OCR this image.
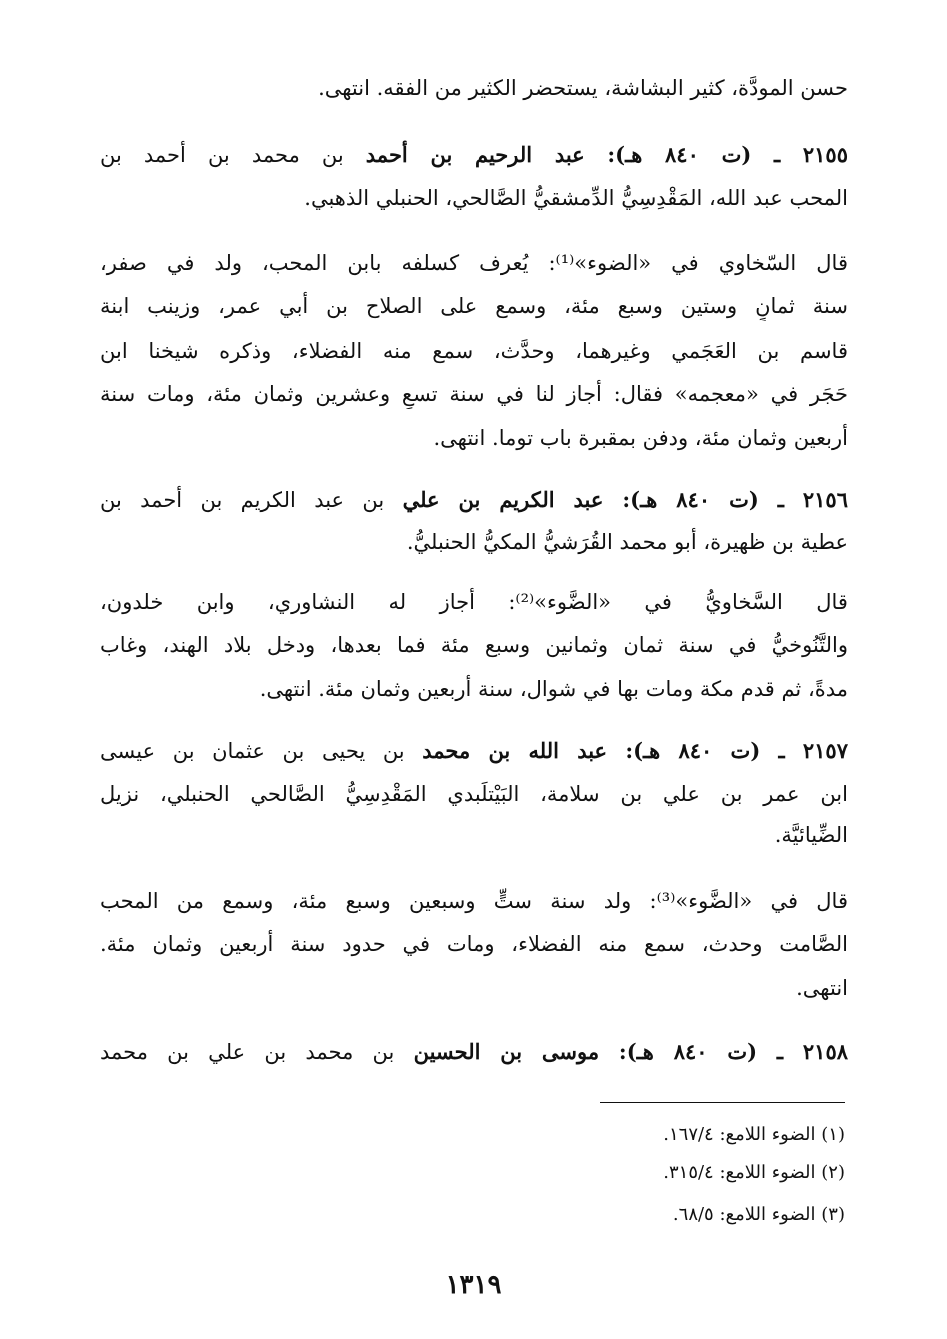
حسن المودَّة، كثير البشاشة، يستحضر الكثير من الفقه. انتهى.
٢١٥٥ ـ (ت ٨٤٠ هـ): عبد الرحيم بن أحمد بن محمد بن أحمد بن
المحب عبد الله، المَقْدِسِيُّ الدِّمشقيُّ الصَّالحي، الحنبلي الذهبي.
قال السّخاوي في «الضوء»⁽¹⁾: يُعرف كسلفه بابن المحب، ولد في صفر،
سنة ثمانٍ وستين وسبع مئة، وسمع على الصلاح بن أبي عمر، وزينب ابنة
قاسم بن العَجَمي وغيرهما، وحدَّث، سمع منه الفضلاء، وذكره شيخنا ابن
حَجَر في «معجمه» فقال: أجاز لنا في سنة تسعٍ وعشرين وثمان مئة، ومات سنة
أربعين وثمان مئة، ودفن بمقبرة باب توما. انتهى.
٢١٥٦ ـ (ت ٨٤٠ هـ): عبد الكريم بن علي بن عبد الكريم بن أحمد بن
عطية بن ظهيرة، أبو محمد القُرَشيُّ المكيُّ الحنبليُّ.
قال السَّخاويُّ في «الضَّوء»⁽²⁾: أجاز له النشاوري، وابن خلدون،
والتَّنُوخيُّ في سنة ثمان وثمانين وسبع مئة فما بعدها، ودخل بلاد الهند، وغاب
مدةً، ثم قدم مكة ومات بها في شوال، سنة أربعين وثمان مئة. انتهى.
٢١٥٧ ـ (ت ٨٤٠ هـ): عبد الله بن محمد بن يحيى بن عثمان بن عيسى
ابن عمر بن علي بن سلامة، البَيْتلَبدي المَقْدِسِيُّ الصَّالحي الحنبلي، نزيل
الضِّيائيَّة.
قال في «الضَّوء»⁽³⁾: ولد سنة ستٍّ وسبعين وسبع مئة، وسمع من المحب
الصَّامت وحدث، سمع منه الفضلاء، ومات في حدود سنة أربعين وثمان مئة.
انتهى.
٢١٥٨ ـ (ت ٨٤٠ هـ): موسى بن الحسين بن محمد بن علي بن محمد
(١) الضوء اللامع: ١٦٧/٤.
(٢) الضوء اللامع: ٣١٥/٤.
(٣) الضوء اللامع: ٦٨/٥.
١٣١٩
